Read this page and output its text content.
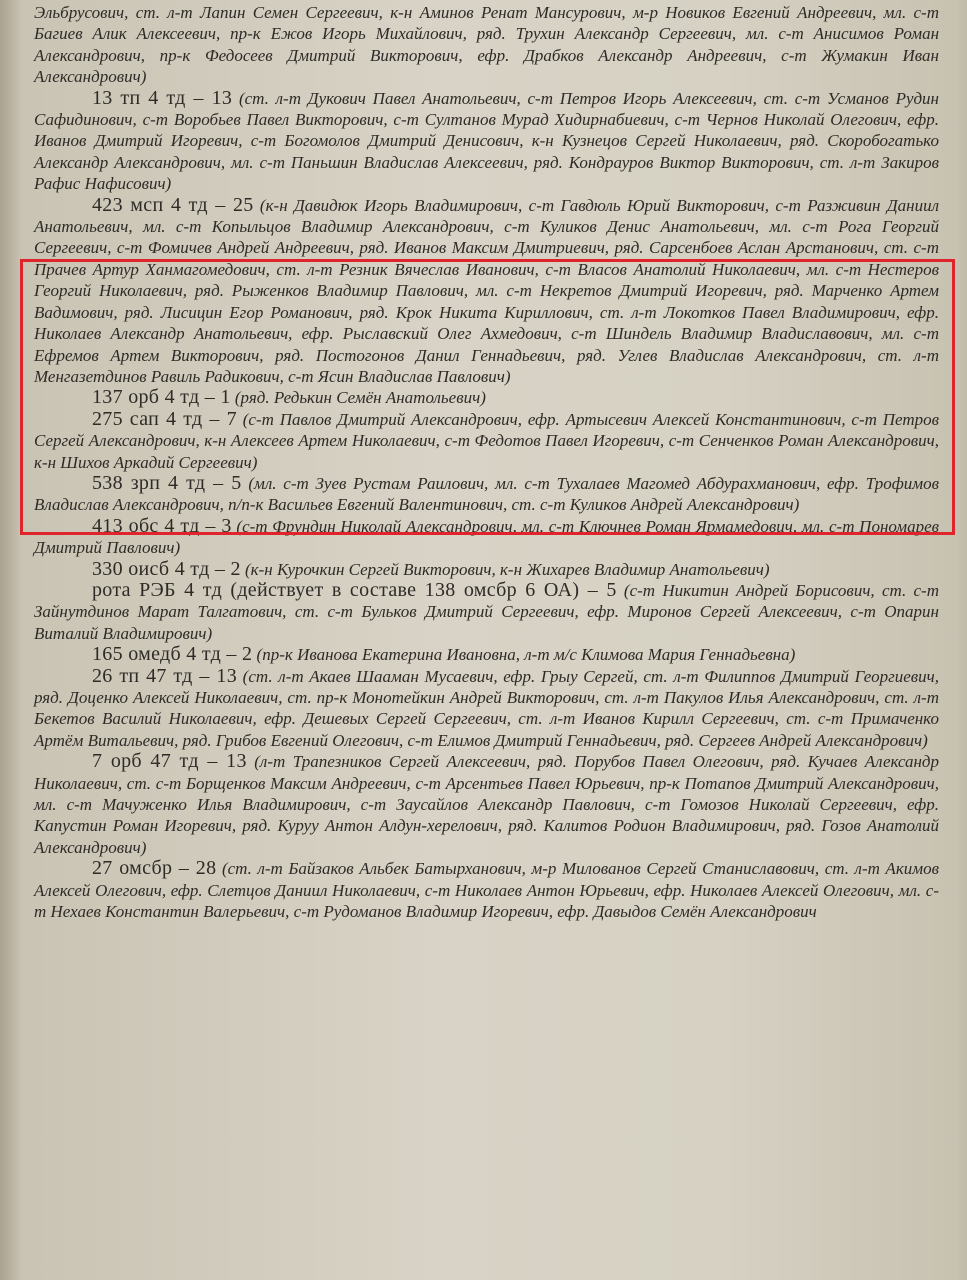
Эльбрусович, ст. л-т Лапин Семен Сергеевич, к-н Аминов Ренат Мансурович, м-р Новиков Евгений Андреевич, мл. с-т Багиев Алик Алексеевич, пр-к Ежов Игорь Михайлович, ряд. Трухин Александр Сергеевич, мл. с-т Анисимов Роман Александрович, пр-к Федосеев Дмитрий Викторович, ефр. Драбков Александр Андреевич, с-т Жумакин Иван Александрович)

13 тп 4 тд – 13 (ст. л-т Дукович Павел Анатольевич, с-т Петров Игорь Алексеевич, ст. с-т Усманов Рудин Сафидинович, с-т Воробьев Павел Викторович, с-т Султанов Мурад Хидирнабиевич, с-т Чернов Николай Олегович, ефр. Иванов Дмитрий Игоревич, с-т Богомолов Дмитрий Денисович, к-н Кузнецов Сергей Николаевич, ряд. Скоробогатько Александр Александрович, мл. с-т Паньшин Владислав Алексеевич, ряд. Кондрауров Виктор Викторович, ст. л-т Закиров Рафис Нафисович)

423 мсп 4 тд – 25 (к-н Давидюк Игорь Владимирович, с-т Гавдюль Юрий Викторович, с-т Разживин Даниил Анатольевич, мл. с-т Копыльцов Владимир Александрович, с-т Куликов Денис Анатольевич, мл. с-т Рога Георгий Сергеевич, с-т Фомичев Андрей Андреевич, ряд. Иванов Максим Дмитриевич, ряд. Сарсенбоев Аслан Арстанович, ст. с-т Прачев Артур Ханмагомедович, ст. л-т Резник Вячеслав Иванович, с-т Власов Анатолий Николаевич, мл. с-т Нестеров Георгий Николаевич, ряд. Рыженков Владимир Павлович, мл. с-т Некретов Дмитрий Игоревич, ряд. Марченко Артем Вадимович, ряд. Лисицин Егор Романович, ряд. Крок Никита Кириллович, ст. л-т Локотков Павел Владимирович, ефр. Николаев Александр Анатольевич, ефр. Рыславский Олег Ахмедович, с-т Шиндель Владимир Владиславович, мл. с-т Ефремов Артем Викторович, ряд. Постогонов Данил Геннадьевич, ряд. Углев Владислав Александрович, ст. л-т Менгазетдинов Равиль Радикович, с-т Ясин Владислав Павлович)

137 орб 4 тд – 1 (ряд. Редькин Семён Анатольевич)

275 сап 4 тд – 7 (с-т Павлов Дмитрий Александрович, ефр. Артысевич Алексей Константинович, с-т Петров Сергей Александрович, к-н Алексеев Артем Николаевич, с-т Федотов Павел Игоревич, с-т Сенченков Роман Александрович, к-н Шихов Аркадий Сергеевич)

538 зрп 4 тд – 5 (мл. с-т Зуев Рустам Раилович, мл. с-т Тухалаев Магомед Абдурахманович, ефр. Трофимов Владислав Александрович, п/п-к Васильев Евгений Валентинович, ст. с-т Куликов Андрей Александрович)

413 обс 4 тд – 3 (с-т Фрундин Николай Александрович, мл. с-т Ключнев Роман Ярмамедович, мл. с-т Пономарев Дмитрий Павлович)

330 оисб 4 тд – 2 (к-н Курочкин Сергей Викторович, к-н Жихарев Владимир Анатольевич)

рота РЭБ 4 тд (действует в составе 138 омсбр 6 ОА) – 5 (с-т Никитин Андрей Борисович, ст. с-т Зайнутдинов Марат Талгатович, ст. с-т Бульков Дмитрий Сергеевич, ефр. Миронов Сергей Алексеевич, с-т Опарин Виталий Владимирович)

165 омедб 4 тд – 2 (пр-к Иванова Екатерина Ивановна, л-т м/с Климова Мария Геннадьевна)

26 тп 47 тд – 13 (ст. л-т Акаев Шааман Мусаевич, ефр. Грыу Сергей, ст. л-т Филиппов Дмитрий Георгиевич, ряд. Доценко Алексей Николаевич, ст. пр-к Монотейкин Андрей Викторович, ст. л-т Пакулов Илья Александрович, ст. л-т Бекетов Василий Николаевич, ефр. Дешевых Сергей Сергеевич, ст. л-т Иванов Кирилл Сергеевич, ст. с-т Примаченко Артём Витальевич, ряд. Грибов Евгений Олегович, с-т Елимов Дмитрий Геннадьевич, ряд. Сергеев Андрей Александрович)

7 орб 47 тд – 13 (л-т Трапезников Сергей Алексеевич, ряд. Порубов Павел Олегович, ряд. Кучаев Александр Николаевич, ст. с-т Борщенков Максим Андреевич, с-т Арсентьев Павел Юрьевич, пр-к Потапов Дмитрий Александрович, мл. с-т Мачуженко Илья Владимирович, с-т Заусайлов Александр Павлович, с-т Гомозов Николай Сергеевич, ефр. Капустин Роман Игоревич, ряд. Куруу Антон Алдун-херелович, ряд. Калитов Родион Владимирович, ряд. Гозов Анатолий Александрович)

27 омсбр – 28 (ст. л-т Байзаков Альбек Батырханович, м-р Милованов Сергей Станиславович, ст. л-т Акимов Алексей Олегович, ефр. Слетцов Даниил Николаевич, с-т Николаев Антон Юрьевич, ефр. Николаев Алексей Олегович, мл. с-т Нехаев Константин Валерьевич, с-т Рудоманов Владимир Игоревич, ефр. Давыдов Семён Александрович
